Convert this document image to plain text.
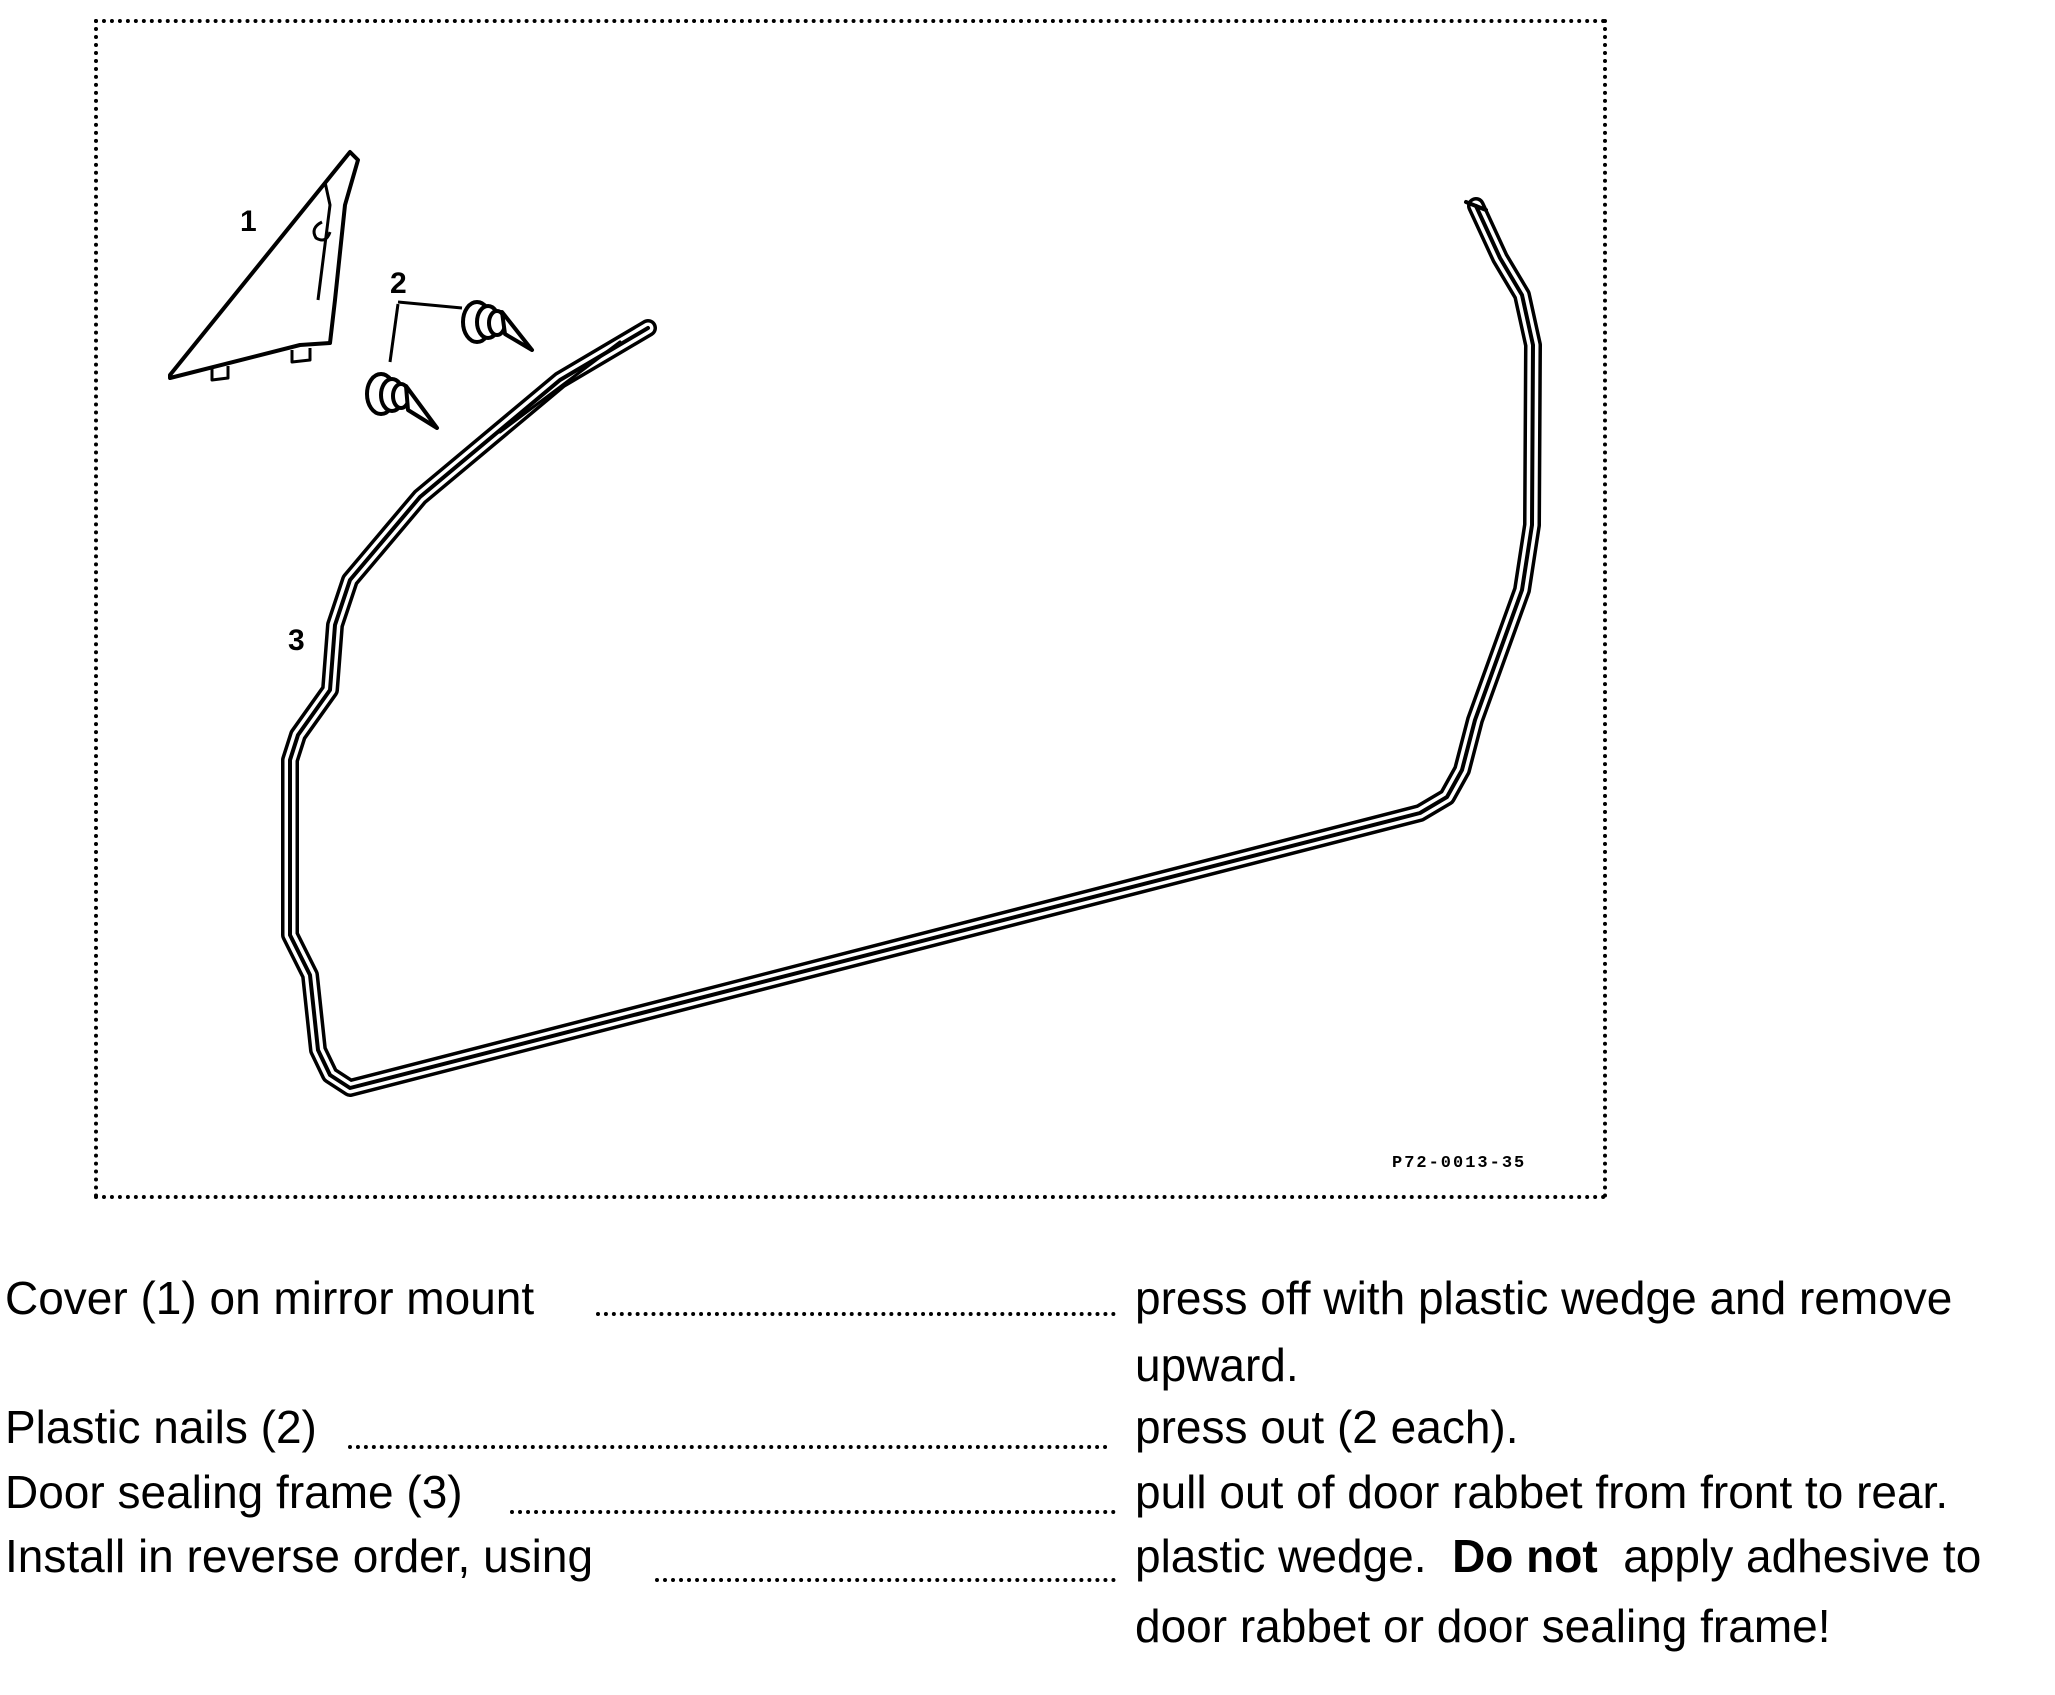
1
2
3
P72-0013-35
Cover (1) on mirror mount	press off with plastic wedge and remove
upward.
Plastic nails (2)	press out (2 each).
Door sealing frame (3)	pull out of door rabbet from front to rear.
Install in reverse order, using	plastic wedge. Do not apply adhesive to
door rabbet or door sealing frame!
